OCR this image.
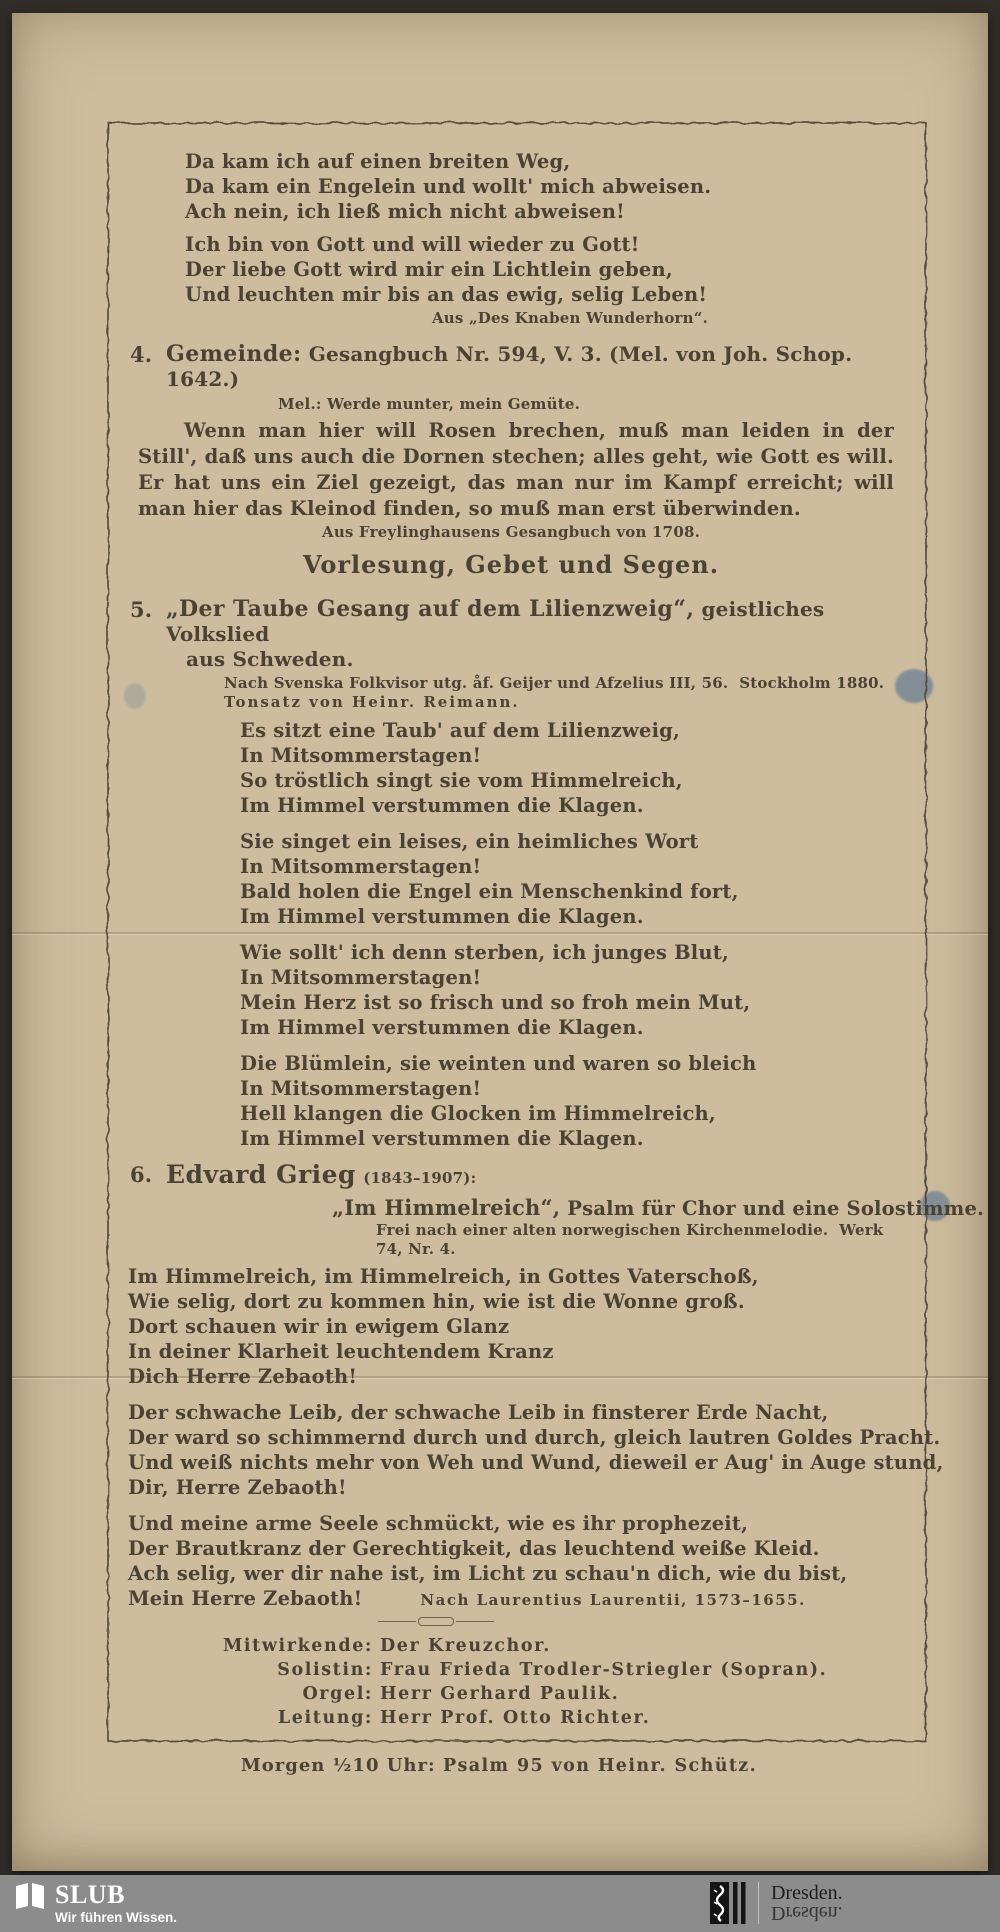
Da kam ich auf einen breiten Weg,
Da kam ein Engelein und wollt' mich abweisen.
Ach nein, ich ließ mich nicht abweisen!
Ich bin von Gott und will wieder zu Gott!
Der liebe Gott wird mir ein Lichtlein geben,
Und leuchten mir bis an das ewig, selig Leben!
Aus „Des Knaben Wunderhorn“.
4. Gemeinde: Gesangbuch Nr. 594, V. 3. (Mel. von Joh. Schop. 1642.)
Mel.: Werde munter, mein Gemüte.
Wenn man hier will Rosen brechen, muß man leiden in der Still', daß uns auch die Dornen stechen; alles geht, wie Gott es will. Er hat uns ein Ziel gezeigt, das man nur im Kampf erreicht; will man hier das Kleinod finden, so muß man erst überwinden.
Aus Freylinghausens Gesangbuch von 1708.
Vorlesung, Gebet und Segen.
5. „Der Taube Gesang auf dem Lilienzweig“, geistliches Volkslied
aus Schweden.
Nach Svenska Folkvisor utg. åf. Geijer und Afzelius III, 56. Stockholm 1880.
Tonsatz von Heinr. Reimann.
Es sitzt eine Taub' auf dem Lilienzweig,
In Mitsommerstagen!
So tröstlich singt sie vom Himmelreich,
Im Himmel verstummen die Klagen.
Sie singet ein leises, ein heimliches Wort
In Mitsommerstagen!
Bald holen die Engel ein Menschenkind fort,
Im Himmel verstummen die Klagen.
Wie sollt' ich denn sterben, ich junges Blut,
In Mitsommerstagen!
Mein Herz ist so frisch und so froh mein Mut,
Im Himmel verstummen die Klagen.
Die Blümlein, sie weinten und waren so bleich
In Mitsommerstagen!
Hell klangen die Glocken im Himmelreich,
Im Himmel verstummen die Klagen.
6. Edvard Grieg (1843–1907):
„Im Himmelreich“, Psalm für Chor und eine Solostimme.
Frei nach einer alten norwegischen Kirchenmelodie. Werk 74, Nr. 4.
Im Himmelreich, im Himmelreich, in Gottes Vaterschoß,
Wie selig, dort zu kommen hin, wie ist die Wonne groß.
Dort schauen wir in ewigem Glanz
In deiner Klarheit leuchtendem Kranz
Dich Herre Zebaoth!
Der schwache Leib, der schwache Leib in finsterer Erde Nacht,
Der ward so schimmernd durch und durch, gleich lautren Goldes Pracht.
Und weiß nichts mehr von Weh und Wund, dieweil er Aug' in Auge stund,
Dir, Herre Zebaoth!
Und meine arme Seele schmückt, wie es ihr prophezeit,
Der Brautkranz der Gerechtigkeit, das leuchtend weiße Kleid.
Ach selig, wer dir nahe ist, im Licht zu schau'n dich, wie du bist,
Mein Herre Zebaoth!	Nach Laurentius Laurentii, 1573–1655.
Mitwirkende: Der Kreuzchor.
Solistin: Frau Frieda Trodler-Striegler (Sopran).
Orgel: Herr Gerhard Paulik.
Leitung: Herr Prof. Otto Richter.
Morgen ½10 Uhr: Psalm 95 von Heinr. Schütz.
SLUB
Wir führen Wissen.
Dresden.
Dresden.
